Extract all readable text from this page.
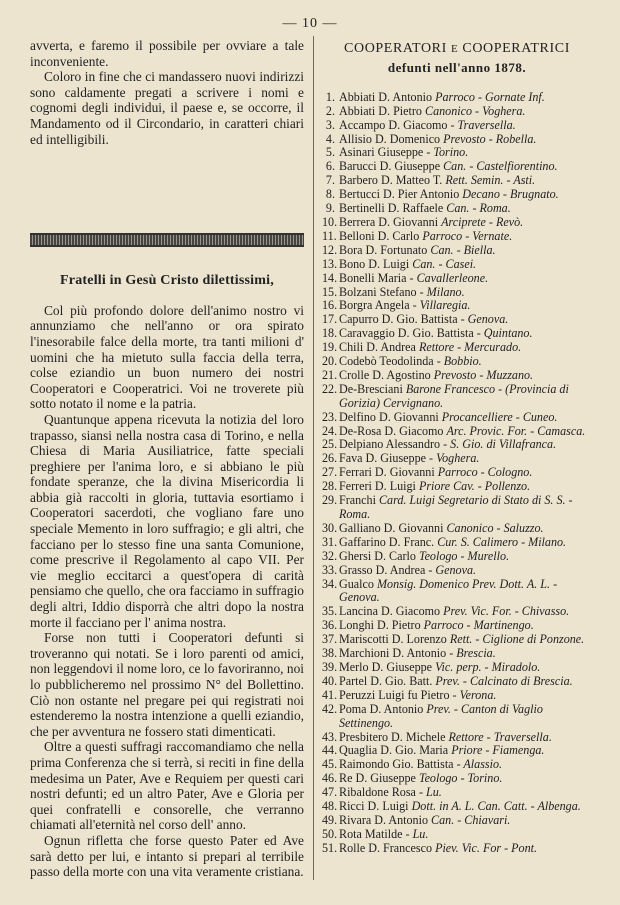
— 10 —

avverta, e faremo il possibile per ovviare a tale inconveniente.

Coloro in fine che ci mandassero nuovi indirizzi sono caldamente pregati a scrivere i nomi e cognomi degli individui, il paese e, se occorre, il Mandamento od il Circondario, in caratteri chiari ed intelligibili.

Fratelli in Gesù Cristo dilettissimi,

Col più profondo dolore dell'animo nostro vi annunziamo che nell'anno or ora spirato l'inesorabile falce della morte, tra tanti milioni d' uomini che ha mietuto sulla faccia della terra, colse eziandio un buon numero dei nostri Cooperatori e Cooperatrici. Voi ne troverete più sotto notato il nome e la patria.

Quantunque appena ricevuta la notizia del loro trapasso, siansi nella nostra casa di Torino, e nella Chiesa di Maria Ausiliatrice, fatte speciali preghiere per l'anima loro, e si abbiano le più fondate speranze, che la divina Misericordia li abbia già raccolti in gloria, tuttavia esortiamo i Cooperatori sacerdoti, che vogliano fare uno speciale Memento in loro suffragio; e gli altri, che facciano per lo stesso fine una santa Comunione, come prescrive il Regolamento al capo VII. Per vie meglio eccitarci a quest'opera di carità pensiamo che quello, che ora facciamo in suffragio degli altri, Iddio disporrà che altri dopo la nostra morte il facciano per l' anima nostra.

Forse non tutti i Cooperatori defunti si troveranno qui notati. Se i loro parenti od amici, non leggendovi il nome loro, ce lo favoriranno, noi lo pubblicheremo nel prossimo N° del Bollettino. Ciò non ostante nel pregare pei qui registrati noi estenderemo la nostra intenzione a quelli eziandio, che per avventura ne fossero stati dimenticati.

Oltre a questi suffragi raccomandiamo che nella prima Conferenza che si terrà, si reciti in fine della medesima un Pater, Ave e Requiem per questi cari nostri defunti; ed un altro Pater, Ave e Gloria per quei confratelli e consorelle, che verranno chiamati all'eternità nel corso dell' anno.

Ognun rifletta che forse questo Pater ed Ave sarà detto per lui, e intanto si prepari al terribile passo della morte con una vita veramente cristiana.

COOPERATORI E COOPERATRICI
defunti nell'anno 1878.
1. Abbiati D. Antonio Parroco - Gornate Inf.
2. Abbiati D. Pietro Canonico - Voghera.
3. Accampo D. Giacomo - Traversella.
4. Allisio D. Domenico Prevosto - Robella.
5. Asinari Giuseppe - Torino.
6. Barucci D. Giuseppe Can. - Castelfiorentino.
7. Barbero D. Matteo T. Rett. Semin. - Asti.
8. Bertucci D. Pier Antonio Decano - Brugnato.
9. Bertinelli D. Raffaele Can. - Roma.
10. Berrera D. Giovanni Arciprete - Revò.
11. Belloni D. Carlo Parroco - Vernate.
12. Bora D. Fortunato Can. - Biella.
13. Bono D. Luigi Can. - Casei.
14. Bonelli Maria - Cavallerleone.
15. Bolzani Stefano - Milano.
16. Borgra Angela - Villaregia.
17. Capurro D. Gio. Battista - Genova.
18. Caravaggio D. Gio. Battista - Quintano.
19. Chili D. Andrea Rettore - Mercurado.
20. Codebò Teodolinda - Bobbio.
21. Crolle D. Agostino Prevosto - Muzzano.
22. De-Bresciani Barone Francesco - (Provincia di Gorizia) Cervignano.
23. Delfino D. Giovanni Procancelliere - Cuneo.
24. De-Rosa D. Giacomo Arc. Provic. For. - Camasca.
25. Delpiano Alessandro - S. Gio. di Villafranca.
26. Fava D. Giuseppe - Voghera.
27. Ferrari D. Giovanni Parroco - Cologno.
28. Ferreri D. Luigi Priore Cav. - Pollenzo.
29. Franchi Card. Luigi Segretario di Stato di S. S. - Roma.
30. Galliano D. Giovanni Canonico - Saluzzo.
31. Gaffarino D. Franc. Cur. S. Calimero - Milano.
32. Ghersi D. Carlo Teologo - Murello.
33. Grasso D. Andrea - Genova.
34. Gualco Monsig. Domenico Prev. Dott. A. L. - Genova.
35. Lancina D. Giacomo Prev. Vic. For. - Chivasso.
36. Longhi D. Pietro Parroco - Martinengo.
37. Mariscotti D. Lorenzo Rett. - Ciglione di Ponzone.
38. Marchioni D. Antonio - Brescia.
39. Merlo D. Giuseppe Vic. perp. - Miradolo.
40. Partel D. Gio. Batt. Prev. - Calcinato di Brescia.
41. Peruzzi Luigi fu Pietro - Verona.
42. Poma D. Antonio Prev. - Canton di Vaglio Settinengo.
43. Presbitero D. Michele Rettore - Traversella.
44. Quaglia D. Gio. Maria Priore - Fiamenga.
45. Raimondo Gio. Battista - Alassio.
46. Re D. Giuseppe Teologo - Torino.
47. Ribaldone Rosa - Lu.
48. Ricci D. Luigi Dott. in A. L. Can. Catt. - Albenga.
49. Rivara D. Antonio Can. - Chiavari.
50. Rota Matilde - Lu.
51. Rolle D. Francesco Piev. Vic. For - Pont.
